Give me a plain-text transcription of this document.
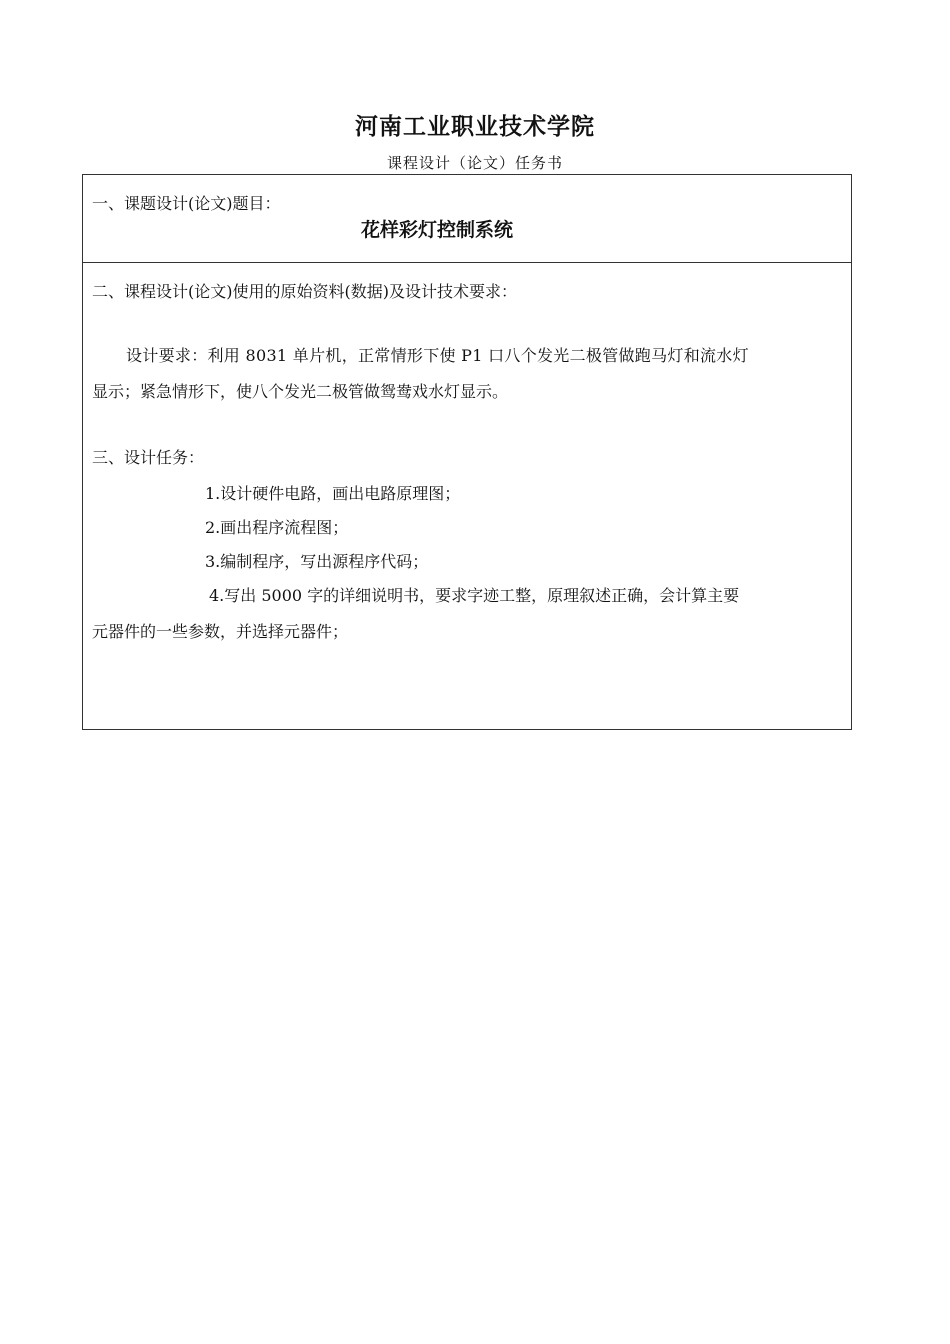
河南工业职业技术学院
课程设计（论文）任务书
一、课题设计(论文)题目：
花样彩灯控制系统
二、课程设计(论文)使用的原始资料(数据)及设计技术要求：
设计要求：利用 8031 单片机，正常情形下使 P1 口八个发光二极管做跑马灯和流水灯
显示；紧急情形下，使八个发光二极管做鸳鸯戏水灯显示。
三、设计任务：
1.设计硬件电路，画出电路原理图；
2.画出程序流程图；
3.编制程序，写出源程序代码；
4.写出 5000 字的详细说明书，要求字迹工整，原理叙述正确，会计算主要
元器件的一些参数，并选择元器件；
